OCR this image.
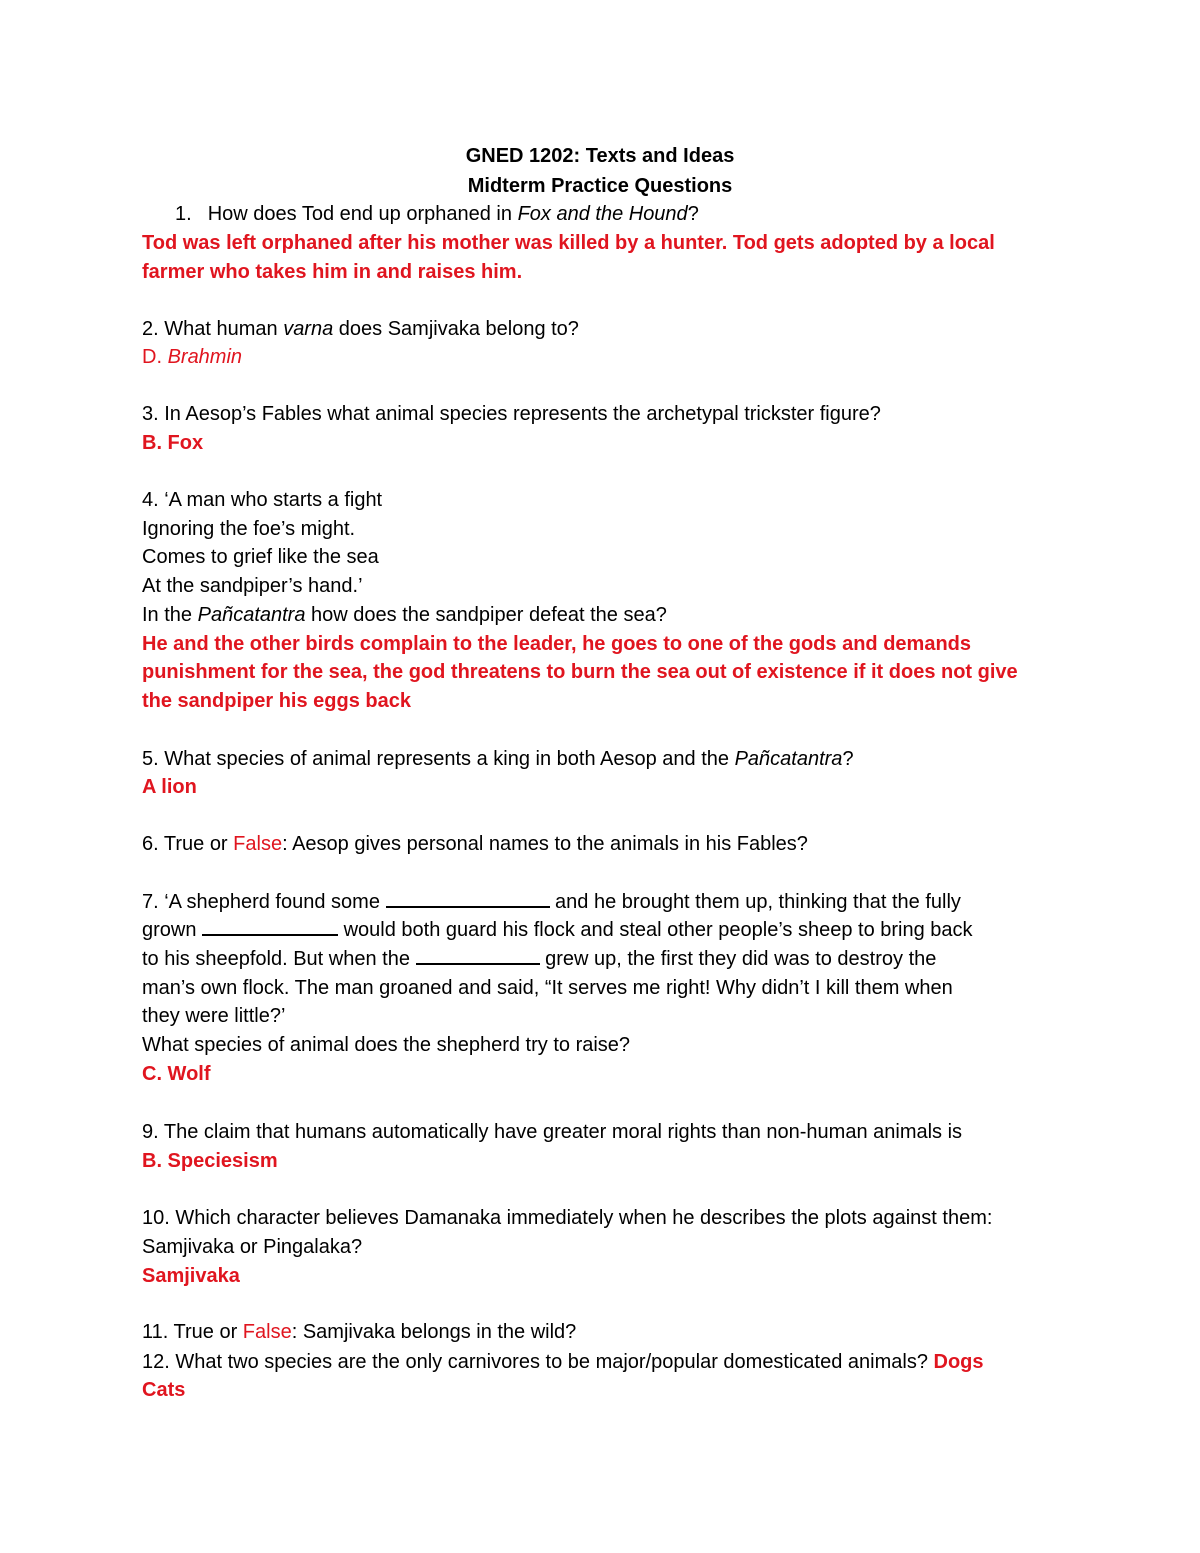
GNED 1202: Texts and Ideas
Midterm Practice Questions
1. How does Tod end up orphaned in Fox and the Hound?
Tod was left orphaned after his mother was killed by a hunter. Tod gets adopted by a local
farmer who takes him in and raises him.
2. What human varna does Samjivaka belong to?
D. Brahmin
3. In Aesop’s Fables what animal species represents the archetypal trickster figure?
B. Fox
4. ‘A man who starts a fight
Ignoring the foe’s might.
Comes to grief like the sea
At the sandpiper’s hand.’
In the Pañcatantra how does the sandpiper defeat the sea?
He and the other birds complain to the leader, he goes to one of the gods and demands
punishment for the sea, the god threatens to burn the sea out of existence if it does not give
the sandpiper his eggs back
5. What species of animal represents a king in both Aesop and the Pañcatantra?
A lion
6. True or False: Aesop gives personal names to the animals in his Fables?
7. ‘A shepherd found some	and he brought them up, thinking that the fully
grown	would both guard his flock and steal other people’s sheep to bring back
to his sheepfold. But when the	grew up, the first they did was to destroy the
man’s own flock. The man groaned and said, “It serves me right! Why didn’t I kill them when
they were little?’
What species of animal does the shepherd try to raise?
C. Wolf
9. The claim that humans automatically have greater moral rights than non-human animals is
B. Speciesism
10. Which character believes Damanaka immediately when he describes the plots against them:
Samjivaka or Pingalaka?
Samjivaka
11. True or False: Samjivaka belongs in the wild?
12. What two species are the only carnivores to be major/popular domesticated animals? Dogs
Cats
